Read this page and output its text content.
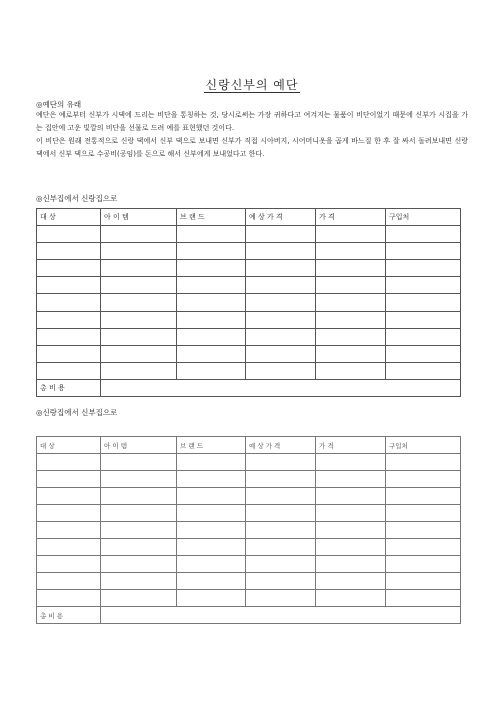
신랑신부의 예단
◎예단의 유래
예단은 예로부터 신부가 시댁에 드리는 비단을 통칭하는 것, 당시로써는 가장 귀하다고 여겨지는 물품이 비단이었기 때문에 신부가 시집을 가는 집안에 고운 빛깔의 비단을 선물로 드려 예를 표현했던 것이다.
이 비단은 원래 전통적으로 신랑 댁에서 신부 댁으로 보내면 신부가 직접 시아버지, 시어머니옷을 곱게 바느질 한 후 잘 싸서 돌려보내면 신랑 댁에서 신부 댁으로 수공비(공임)를 돈으로 해서 신부에게 보내었다고 한다.
◎신부집에서 신랑집으로
대 상	아 이 템	브 랜 드	예 상 가 격	가 격	구입처

총 비 용					
◎신랑집에서 신부집으로
대 상	아 이 템	브 랜 드	예 상 가 격	가 격	구입처

총 비 용					
